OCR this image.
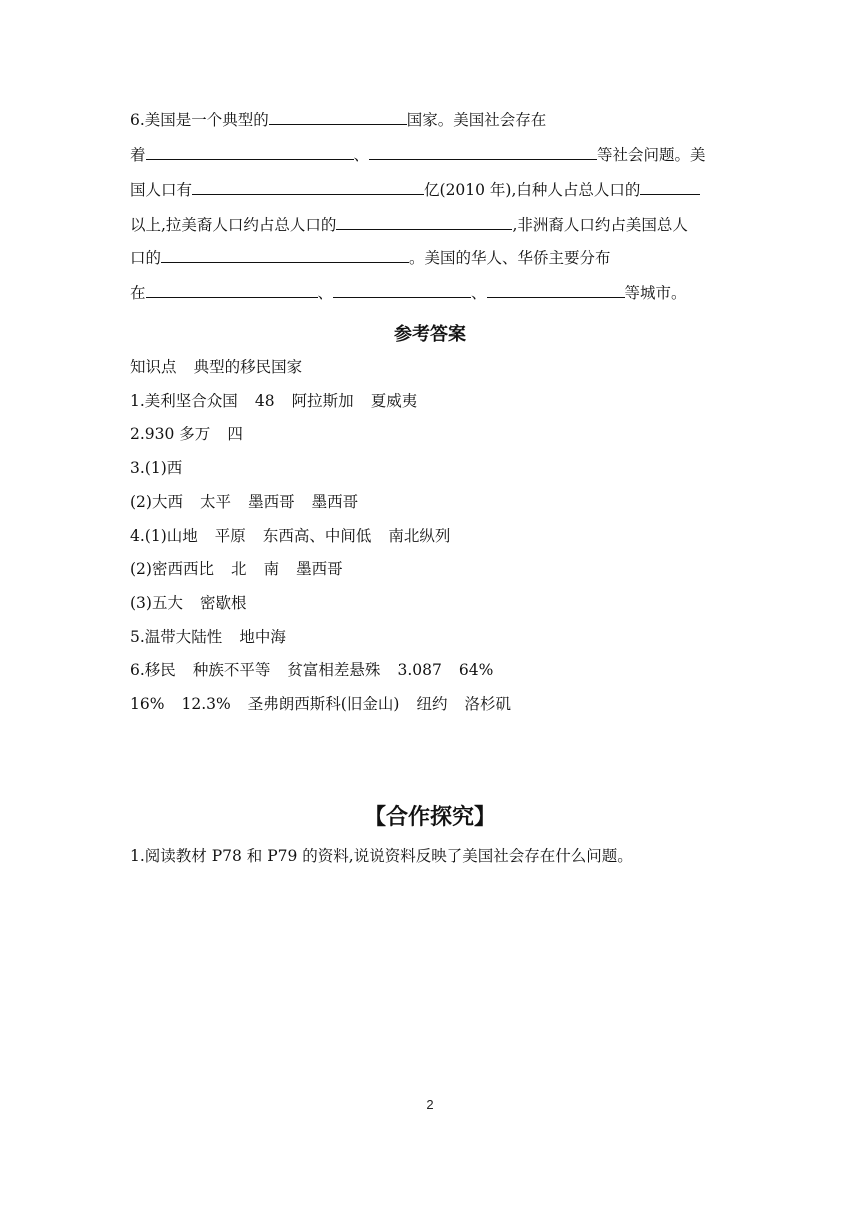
6.美国是一个典型的	国家。美国社会存在
着	、	等社会问题。美
国人口有	亿(2010 年),白种人占总人口的
以上,拉美裔人口约占总人口的	,非洲裔人口约占美国总人
口的	。美国的华人、华侨主要分布
在	、	、	等城市。
参考答案
知识点 典型的移民国家
1.美利坚合众国 48 阿拉斯加 夏威夷
2.930 多万 四
3.(1)西
(2)大西 太平 墨西哥 墨西哥
4.(1)山地 平原 东西高、中间低 南北纵列
(2)密西西比 北 南 墨西哥
(3)五大 密歇根
5.温带大陆性 地中海
6.移民 种族不平等 贫富相差悬殊 3.087 64%
16% 12.3% 圣弗朗西斯科(旧金山) 纽约 洛杉矶
【合作探究】
1.阅读教材 P78 和 P79 的资料,说说资料反映了美国社会存在什么问题。
2
